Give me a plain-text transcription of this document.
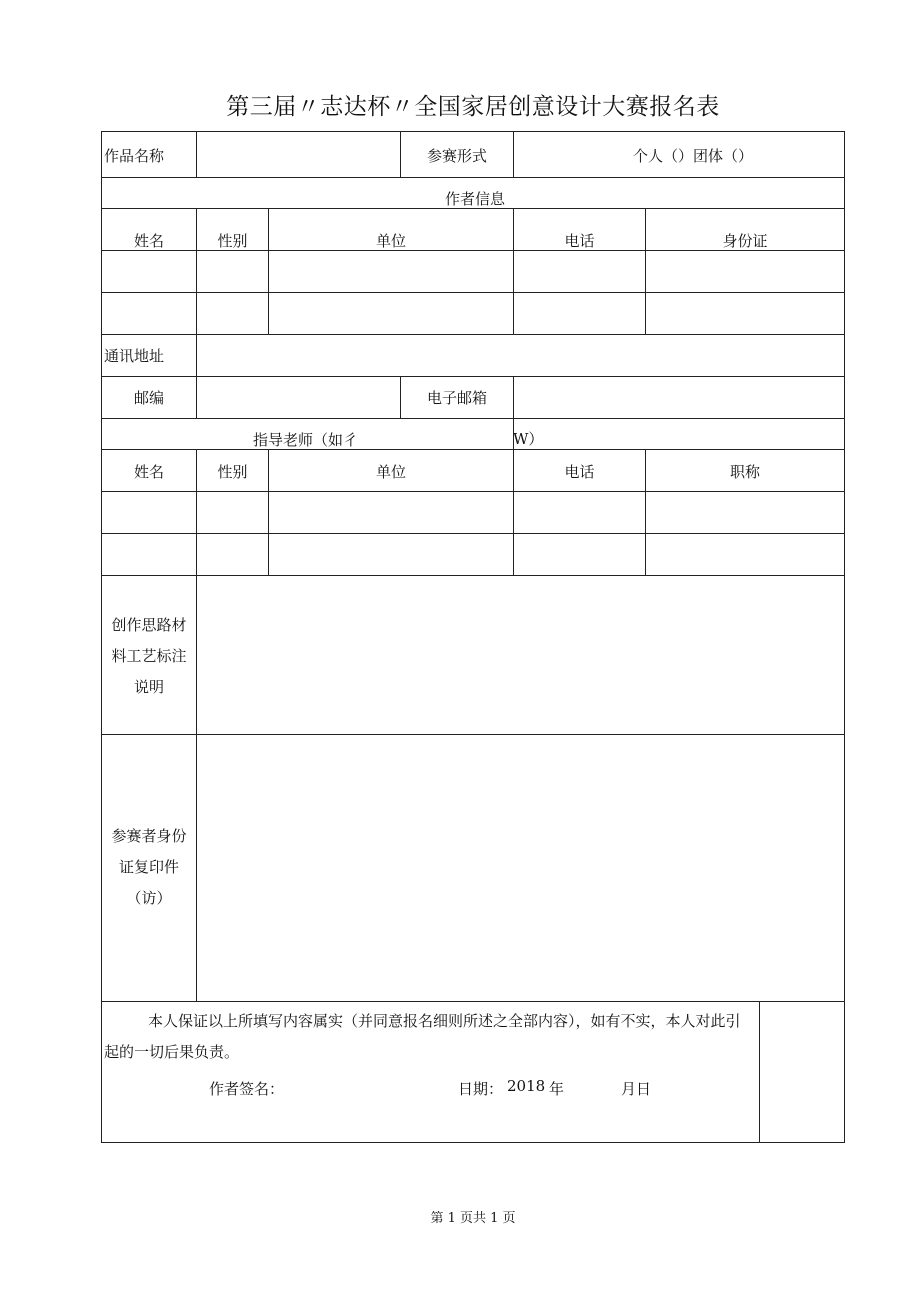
第三届〃志达杯〃全国家居创意设计大赛报名表
作品名称	参赛形式	个人（）团体（）
作者信息
姓名	性别	单位	电话	身份证
通讯地址
邮编	电子邮箱
指导老师（如彳	W）
姓名	性别	单位	电话	职称
创作思路材
料工艺标注
说明
参赛者身份
证复印件
（访）
本人保证以上所填写内容属实（并同意报名细则所述之全部内容），如有不实，本人对此引
起的一切后果负责。
作者签名：	日期： 2018 年	月日
第 1 页共 1 页
